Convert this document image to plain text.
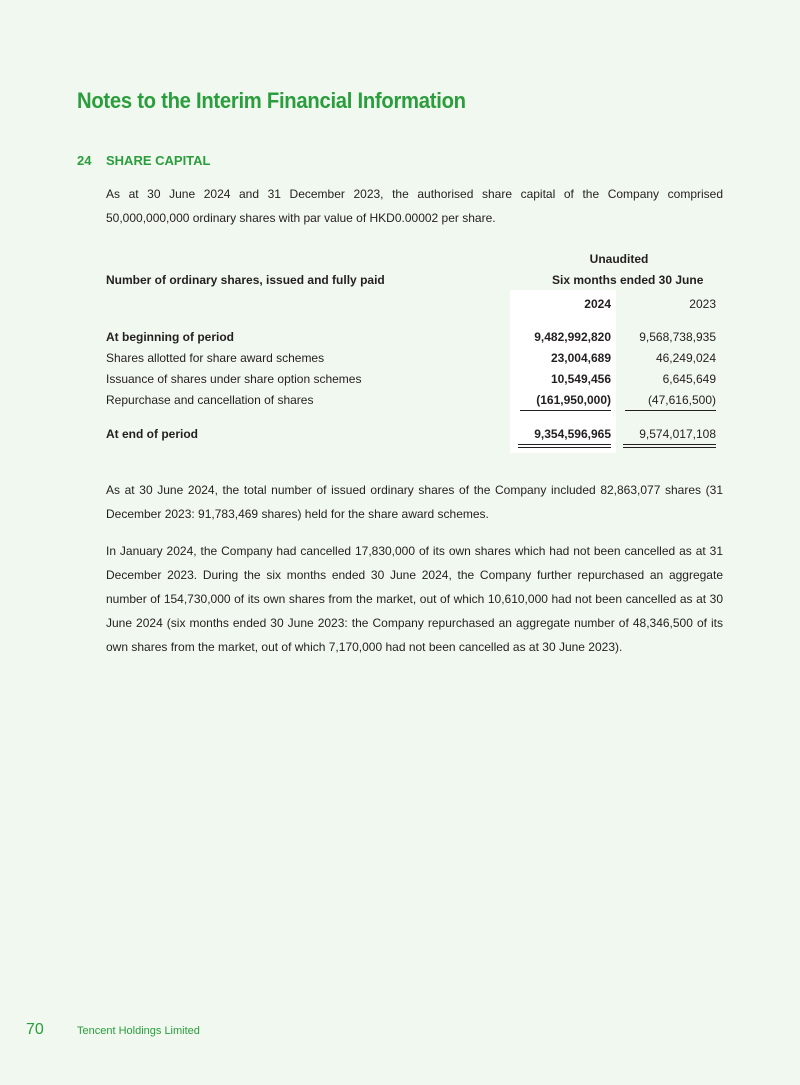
Notes to the Interim Financial Information
24 SHARE CAPITAL
As at 30 June 2024 and 31 December 2023, the authorised share capital of the Company comprised 50,000,000,000 ordinary shares with par value of HKD0.00002 per share.
Unaudited
Number of ordinary shares, issued and fully paid	Six months ended 30 June
2024	2023
At beginning of period	9,482,992,820	9,568,738,935
Shares allotted for share award schemes	23,004,689	46,249,024
Issuance of shares under share option schemes	10,549,456	6,645,649
Repurchase and cancellation of shares	(161,950,000)	(47,616,500)
At end of period	9,354,596,965	9,574,017,108
As at 30 June 2024, the total number of issued ordinary shares of the Company included 82,863,077 shares (31 December 2023: 91,783,469 shares) held for the share award schemes.
In January 2024, the Company had cancelled 17,830,000 of its own shares which had not been cancelled as at 31 December 2023. During the six months ended 30 June 2024, the Company further repurchased an aggregate number of 154,730,000 of its own shares from the market, out of which 10,610,000 had not been cancelled as at 30 June 2024 (six months ended 30 June 2023: the Company repurchased an aggregate number of 48,346,500 of its own shares from the market, out of which 7,170,000 had not been cancelled as at 30 June 2023).
70	Tencent Holdings Limited
